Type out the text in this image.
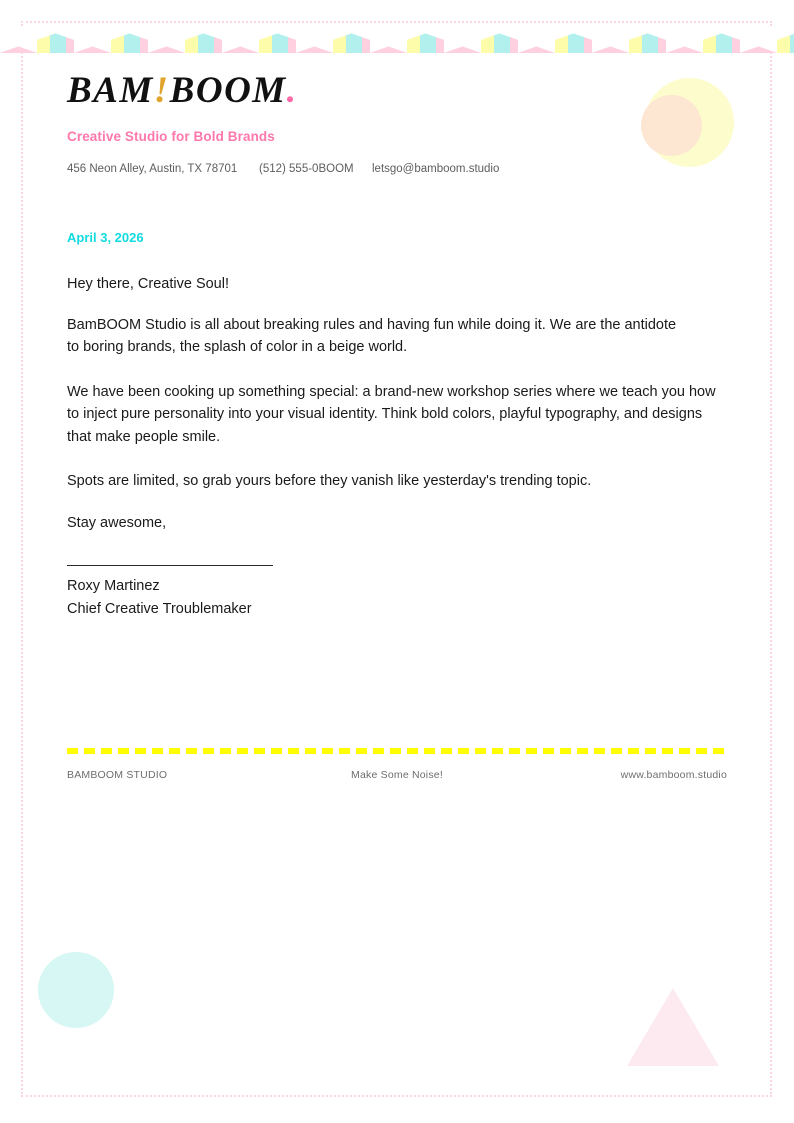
BAM!BOOM.
Creative Studio for Bold Brands
456 Neon Alley, Austin, TX 78701	(512) 555-0BOOM	letsgo@bamboom.studio
April 3, 2026
Hey there, Creative Soul!

BamBOOM Studio is all about breaking rules and having fun while doing it. We are the antidote to boring brands, the splash of color in a beige world.

We have been cooking up something special: a brand-new workshop series where we teach you how to inject pure personality into your visual identity. Think bold colors, playful typography, and designs that make people smile.

Spots are limited, so grab yours before they vanish like yesterday's trending topic.

Stay awesome,

Roxy Martinez
Chief Creative Troublemaker
BAMBOOM STUDIO	Make Some Noise!	www.bamboom.studio
